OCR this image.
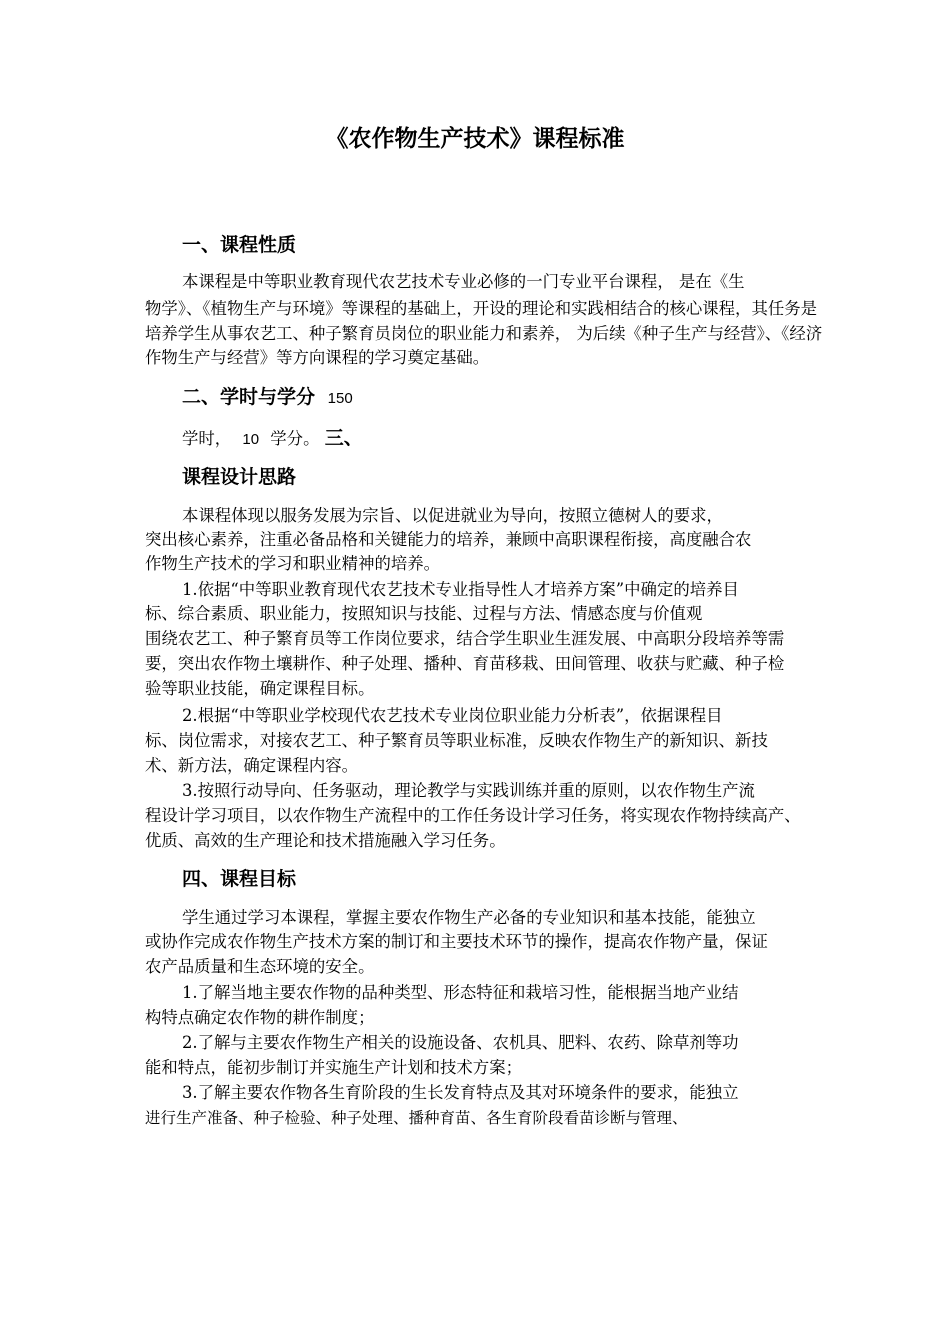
《农作物生产技术》课程标准
一、课程性质
本课程是中等职业教育现代农艺技术专业必修的一门专业平台课程， 是在《生
物学》、《植物生产与环境》等课程的基础上，开设的理论和实践相结合的核心课程，其任务是
培养学生从事农艺工、种子繁育员岗位的职业能力和素养， 为后续《种子生产与经营》、《经济
作物生产与经营》等方向课程的学习奠定基础。
二、学时与学分 150
学时， 10 学分。 三、
课程设计思路
本课程体现以服务发展为宗旨、以促进就业为导向，按照立德树人的要求，
突出核心素养，注重必备品格和关键能力的培养，兼顾中高职课程衔接，高度融合农
作物生产技术的学习和职业精神的培养。
1.依据“中等职业教育现代农艺技术专业指导性人才培养方案”中确定的培养目
标、综合素质、职业能力，按照知识与技能、过程与方法、情感态度与价值观
围绕农艺工、种子繁育员等工作岗位要求，结合学生职业生涯发展、中高职分段培养等需
要，突出农作物土壤耕作、种子处理、播种、育苗移栽、田间管理、收获与贮藏、种子检
验等职业技能，确定课程目标。
2.根据“中等职业学校现代农艺技术专业岗位职业能力分析表”，依据课程目
标、岗位需求，对接农艺工、种子繁育员等职业标准，反映农作物生产的新知识、新技
术、新方法，确定课程内容。
3.按照行动导向、任务驱动，理论教学与实践训练并重的原则，以农作物生产流
程设计学习项目，以农作物生产流程中的工作任务设计学习任务，将实现农作物持续高产、
优质、高效的生产理论和技术措施融入学习任务。
四、课程目标
学生通过学习本课程，掌握主要农作物生产必备的专业知识和基本技能，能独立
或协作完成农作物生产技术方案的制订和主要技术环节的操作，提高农作物产量，保证
农产品质量和生态环境的安全。
1.了解当地主要农作物的品种类型、形态特征和栽培习性，能根据当地产业结
构特点确定农作物的耕作制度；
2.了解与主要农作物生产相关的设施设备、农机具、肥料、农药、除草剂等功
能和特点，能初步制订并实施生产计划和技术方案；
3.了解主要农作物各生育阶段的生长发育特点及其对环境条件的要求，能独立
进行生产准备、种子检验、种子处理、播种育苗、各生育阶段看苗诊断与管理、
